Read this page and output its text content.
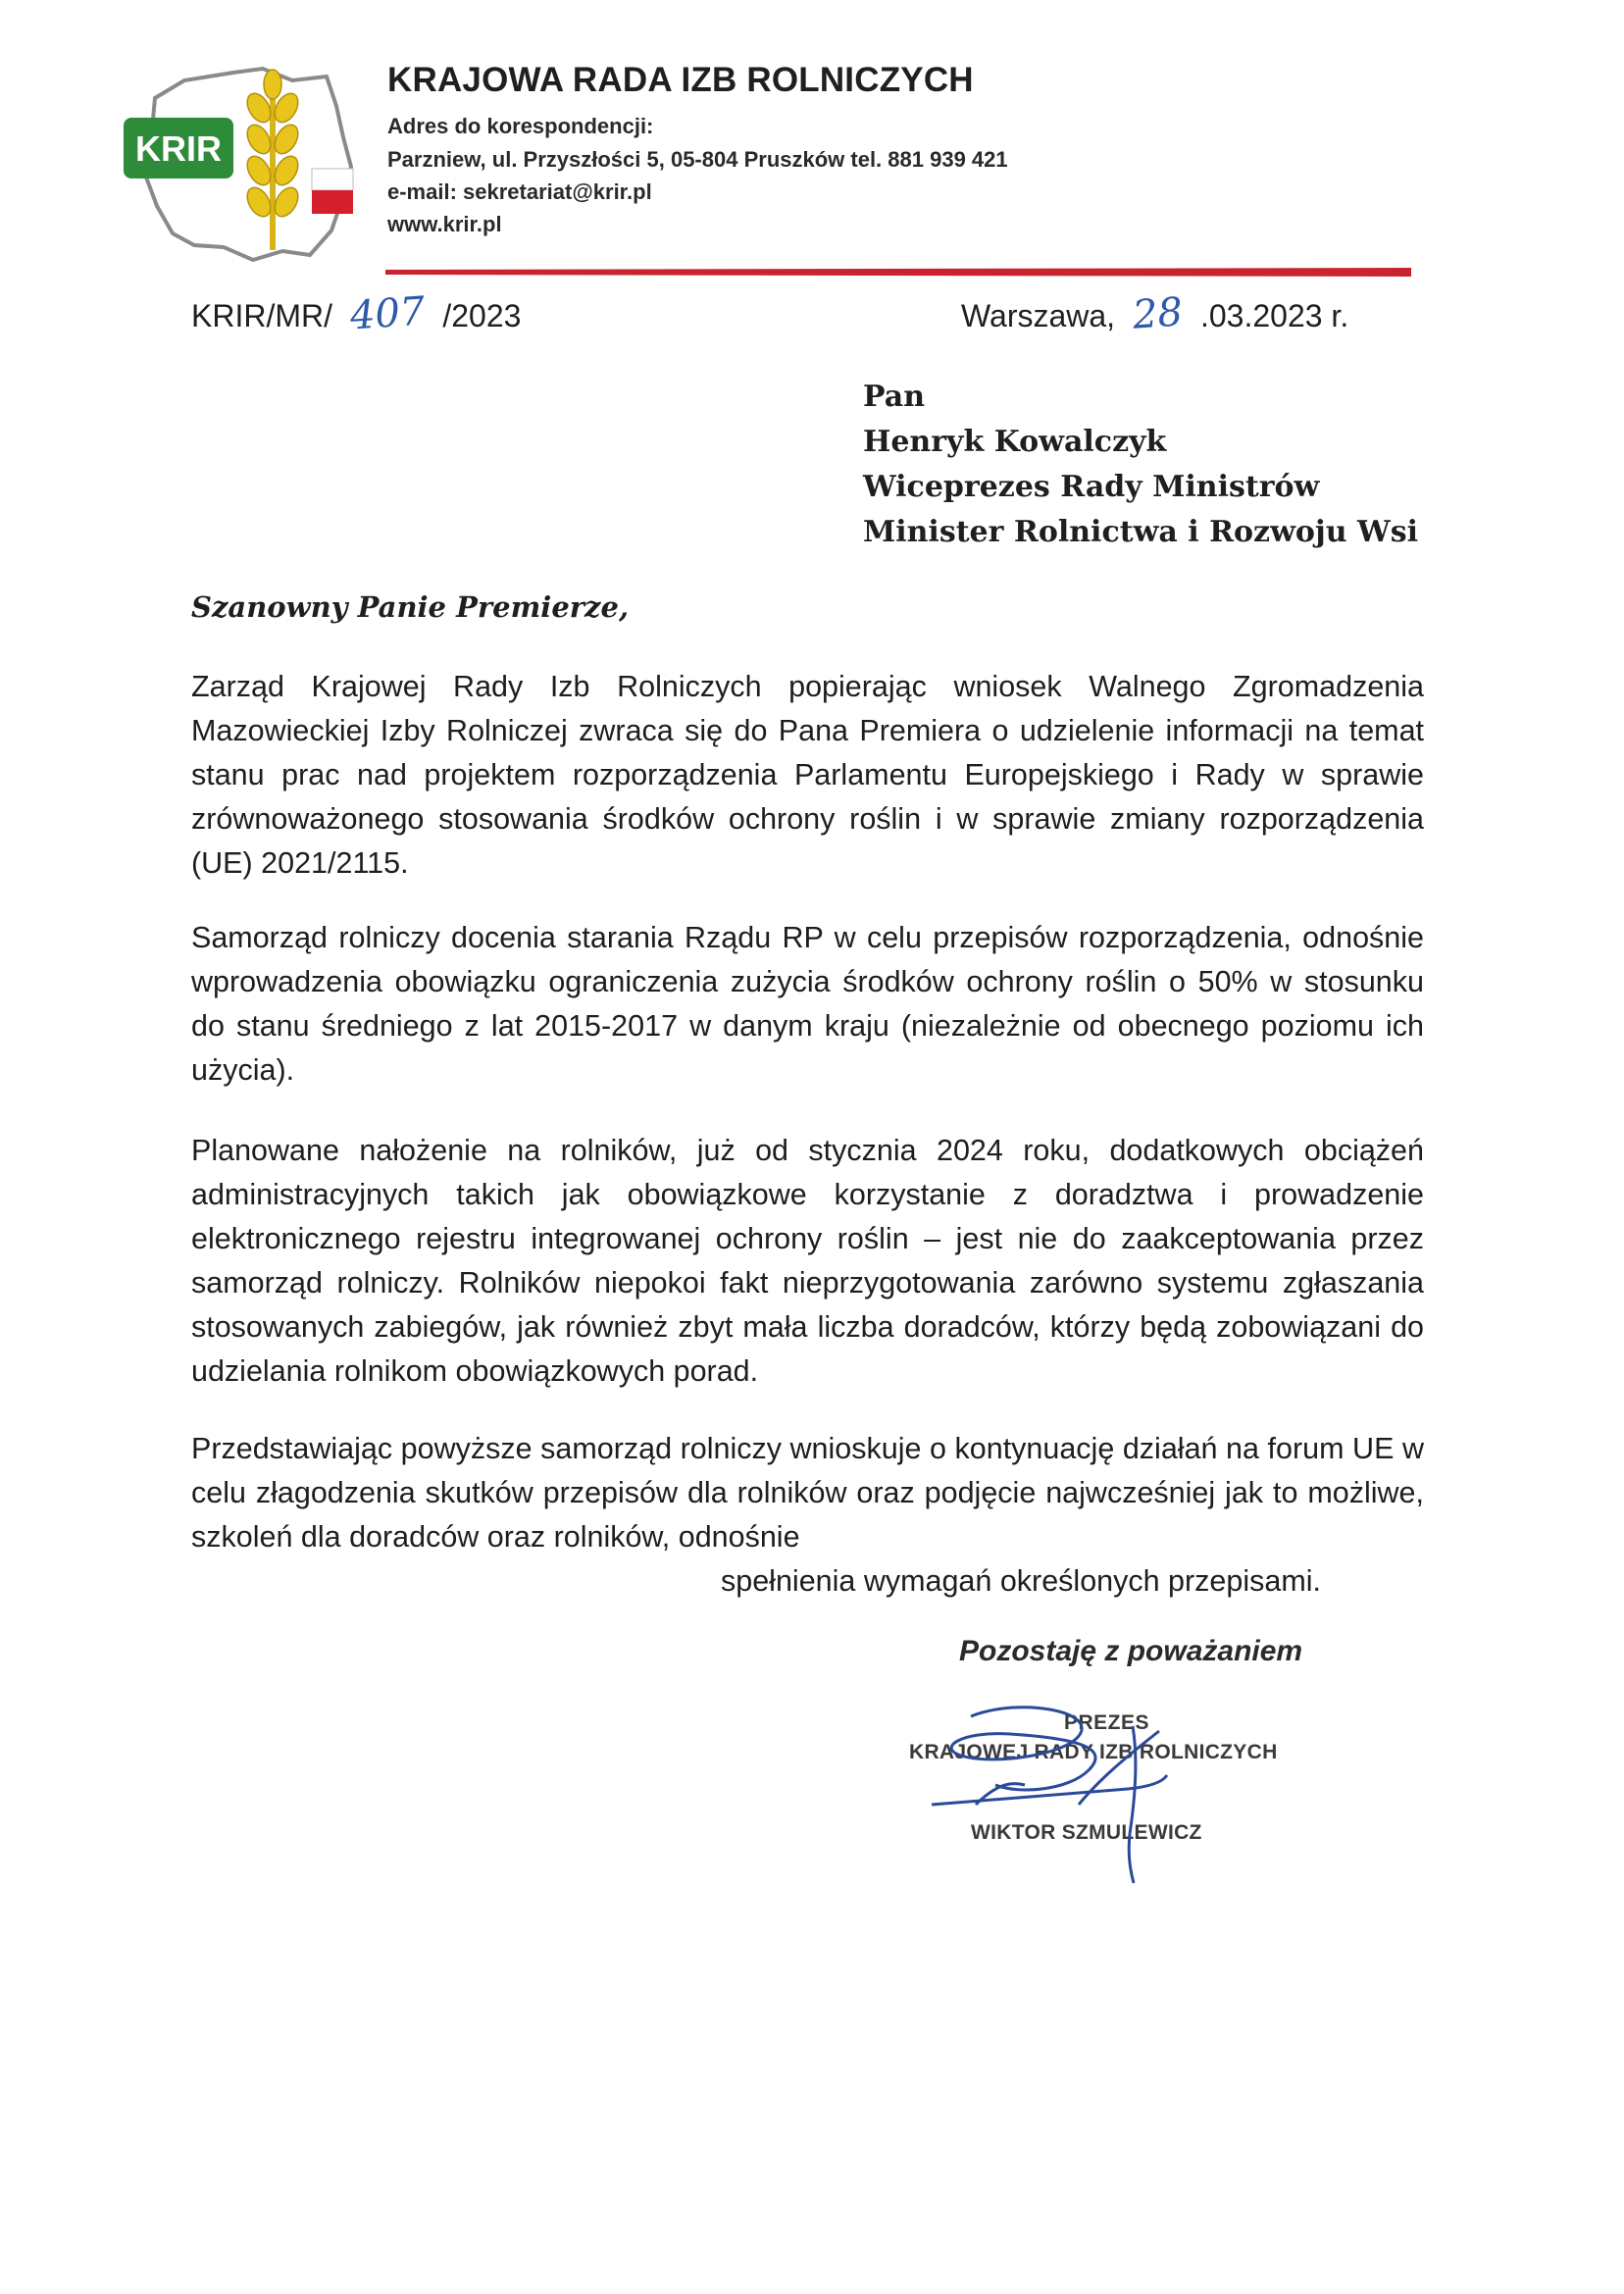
KRIR
KRAJOWA RADA IZB ROLNICZYCH
Adres do korespondencji:
Parzniew, ul. Przyszłości 5, 05-804 Pruszków tel. 881 939 421
e-mail: sekretariat@krir.pl
www.krir.pl
KRIR/MR/ 407 /2023	Warszawa, 28 .03.2023 r.
Pan
Henryk Kowalczyk
Wiceprezes Rady Ministrów
Minister Rolnictwa i Rozwoju Wsi
Szanowny Panie Premierze,
Zarząd Krajowej Rady Izb Rolniczych popierając wniosek Walnego Zgromadzenia Mazowieckiej Izby Rolniczej zwraca się do Pana Premiera o udzielenie informacji na temat stanu prac nad projektem rozporządzenia Parlamentu Europejskiego i Rady w sprawie zrównoważonego stosowania środków ochrony roślin i w sprawie zmiany rozporządzenia (UE) 2021/2115.
Samorząd rolniczy docenia starania Rządu RP w celu przepisów rozporządzenia, odnośnie wprowadzenia obowiązku ograniczenia zużycia środków ochrony roślin o 50% w stosunku do stanu średniego z lat 2015-2017 w danym kraju (niezależnie od obecnego poziomu ich użycia).
Planowane nałożenie na rolników, już od stycznia 2024 roku, dodatkowych obciążeń administracyjnych takich jak obowiązkowe korzystanie z doradztwa i prowadzenie elektronicznego rejestru integrowanej ochrony roślin – jest nie do zaakceptowania przez samorząd rolniczy. Rolników niepokoi fakt nieprzygotowania zarówno systemu zgłaszania stosowanych zabiegów, jak również zbyt mała liczba doradców, którzy będą zobowiązani do udzielania rolnikom obowiązkowych porad.
Przedstawiając powyższe samorząd rolniczy wnioskuje o kontynuację działań na forum UE w celu złagodzenia skutków przepisów dla rolników oraz podjęcie najwcześniej jak to możliwe, szkoleń dla doradców oraz rolników, odnośnie
spełnienia wymagań określonych przepisami.
Pozostaję z poważaniem
PREZES
KRAJOWEJ RADY IZB ROLNICZYCH
WIKTOR SZMULEWICZ
